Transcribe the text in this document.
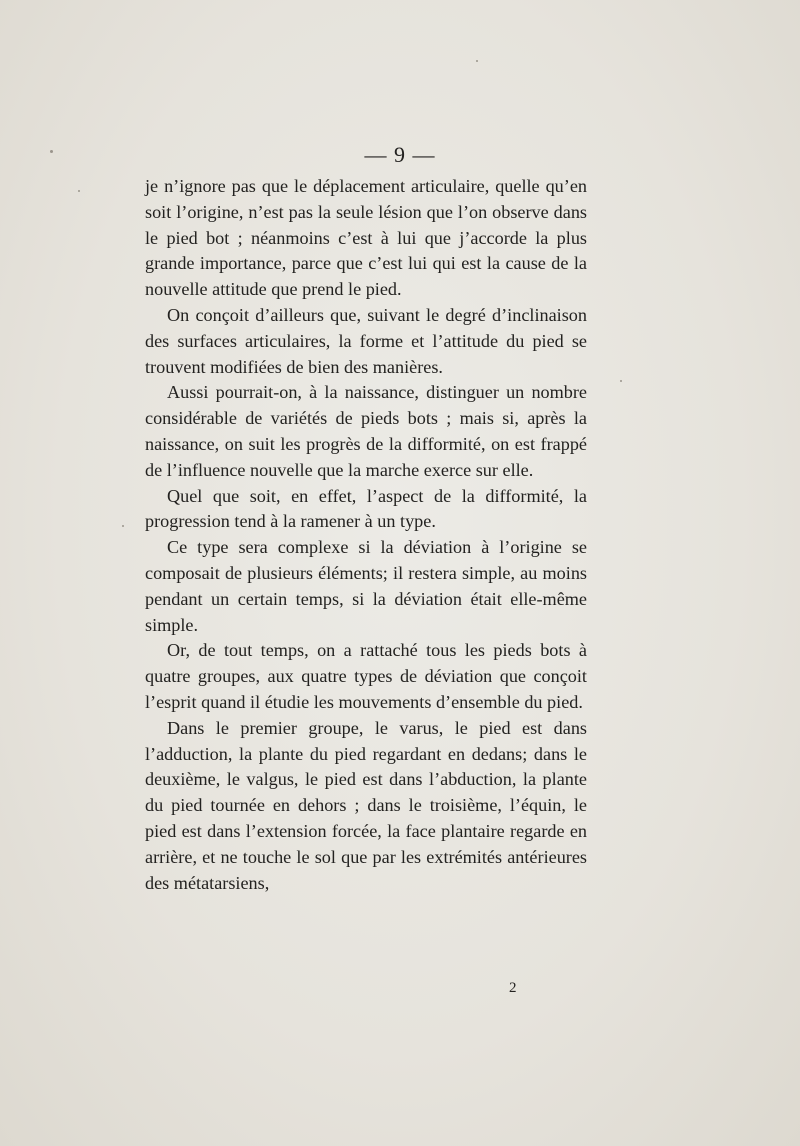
— 9 —

je n’ignore pas que le déplacement articulaire, quelle qu’en soit l’origine, n’est pas la seule lésion que l’on observe dans le pied bot ; néanmoins c’est à lui que j’accorde la plus grande importance, parce que c’est lui qui est la cause de la nouvelle attitude que prend le pied.

On conçoit d’ailleurs que, suivant le degré d’inclinaison des surfaces articulaires, la forme et l’attitude du pied se trouvent modifiées de bien des manières.

Aussi pourrait-on, à la naissance, distinguer un nombre considérable de variétés de pieds bots ; mais si, après la naissance, on suit les progrès de la difformité, on est frappé de l’influence nouvelle que la marche exerce sur elle.

Quel que soit, en effet, l’aspect de la difformité, la progression tend à la ramener à un type.

Ce type sera complexe si la déviation à l’origine se composait de plusieurs éléments; il restera simple, au moins pendant un certain temps, si la déviation était elle-même simple.

Or, de tout temps, on a rattaché tous les pieds bots à quatre groupes, aux quatre types de déviation que conçoit l’esprit quand il étudie les mouvements d’ensemble du pied.

Dans le premier groupe, le varus, le pied est dans l’adduction, la plante du pied regardant en dedans; dans le deuxième, le valgus, le pied est dans l’abduction, la plante du pied tournée en dehors ; dans le troisième, l’équin, le pied est dans l’extension forcée, la face plantaire regarde en arrière, et ne touche le sol que par les extrémités antérieures des métatarsiens,

2
